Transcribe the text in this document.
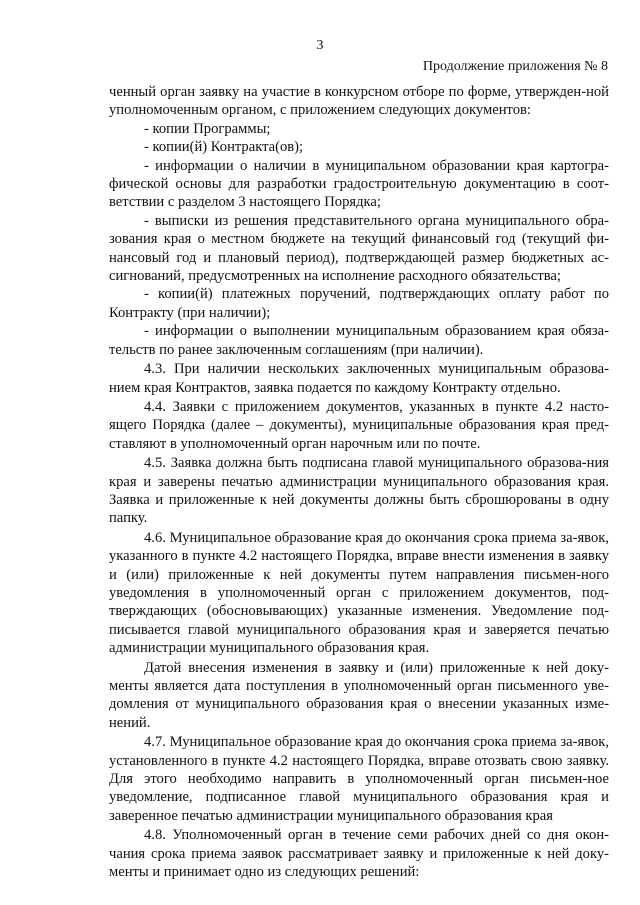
3
Продолжение приложения № 8

ченный орган заявку на участие в конкурсном отборе по форме, утвержден-ной уполномоченным органом, с приложением следующих документов:

- копии Программы;

- копии(й) Контракта(ов);

- информации о наличии в муниципальном образовании края картогра-фической основы для разработки градостроительную документацию в соот-ветствии с разделом 3 настоящего Порядка;

- выписки из решения представительного органа муниципального обра-зования края о местном бюджете на текущий финансовый год (текущий фи-нансовый год и плановый период), подтверждающей размер бюджетных ас-сигнований, предусмотренных на исполнение расходного обязательства;

- копии(й) платежных поручений, подтверждающих оплату работ по Контракту (при наличии);

- информации о выполнении муниципальным образованием края обяза-тельств по ранее заключенным соглашениям (при наличии).

4.3. При наличии нескольких заключенных муниципальным образова-нием края Контрактов, заявка подается по каждому Контракту отдельно.

4.4. Заявки с приложением документов, указанных в пункте 4.2 насто-ящего Порядка (далее – документы), муниципальные образования края пред-ставляют в уполномоченный орган нарочным или по почте.

4.5. Заявка должна быть подписана главой муниципального образова-ния края и заверены печатью администрации муниципального образования края. Заявка и приложенные к ней документы должны быть сброшюрованы в одну папку.

4.6. Муниципальное образование края до окончания срока приема за-явок, указанного в пункте 4.2 настоящего Порядка, вправе внести изменения в заявку и (или) приложенные к ней документы путем направления письмен-ного уведомления в уполномоченный орган с приложением документов, под-тверждающих (обосновывающих) указанные изменения. Уведомление под-писывается главой муниципального образования края и заверяется печатью администрации муниципального образования края.

Датой внесения изменения в заявку и (или) приложенные к ней доку-менты является дата поступления в уполномоченный орган письменного уве-домления от муниципального образования края о внесении указанных изме-нений.

4.7. Муниципальное образование края до окончания срока приема за-явок, установленного в пункте 4.2 настоящего Порядка, вправе отозвать свою заявку. Для этого необходимо направить в уполномоченный орган письмен-ное уведомление, подписанное главой муниципального образования края и заверенное печатью администрации муниципального образования края

4.8. Уполномоченный орган в течение семи рабочих дней со дня окон-чания срока приема заявок рассматривает заявку и приложенные к ней доку-менты и принимает одно из следующих решений:
